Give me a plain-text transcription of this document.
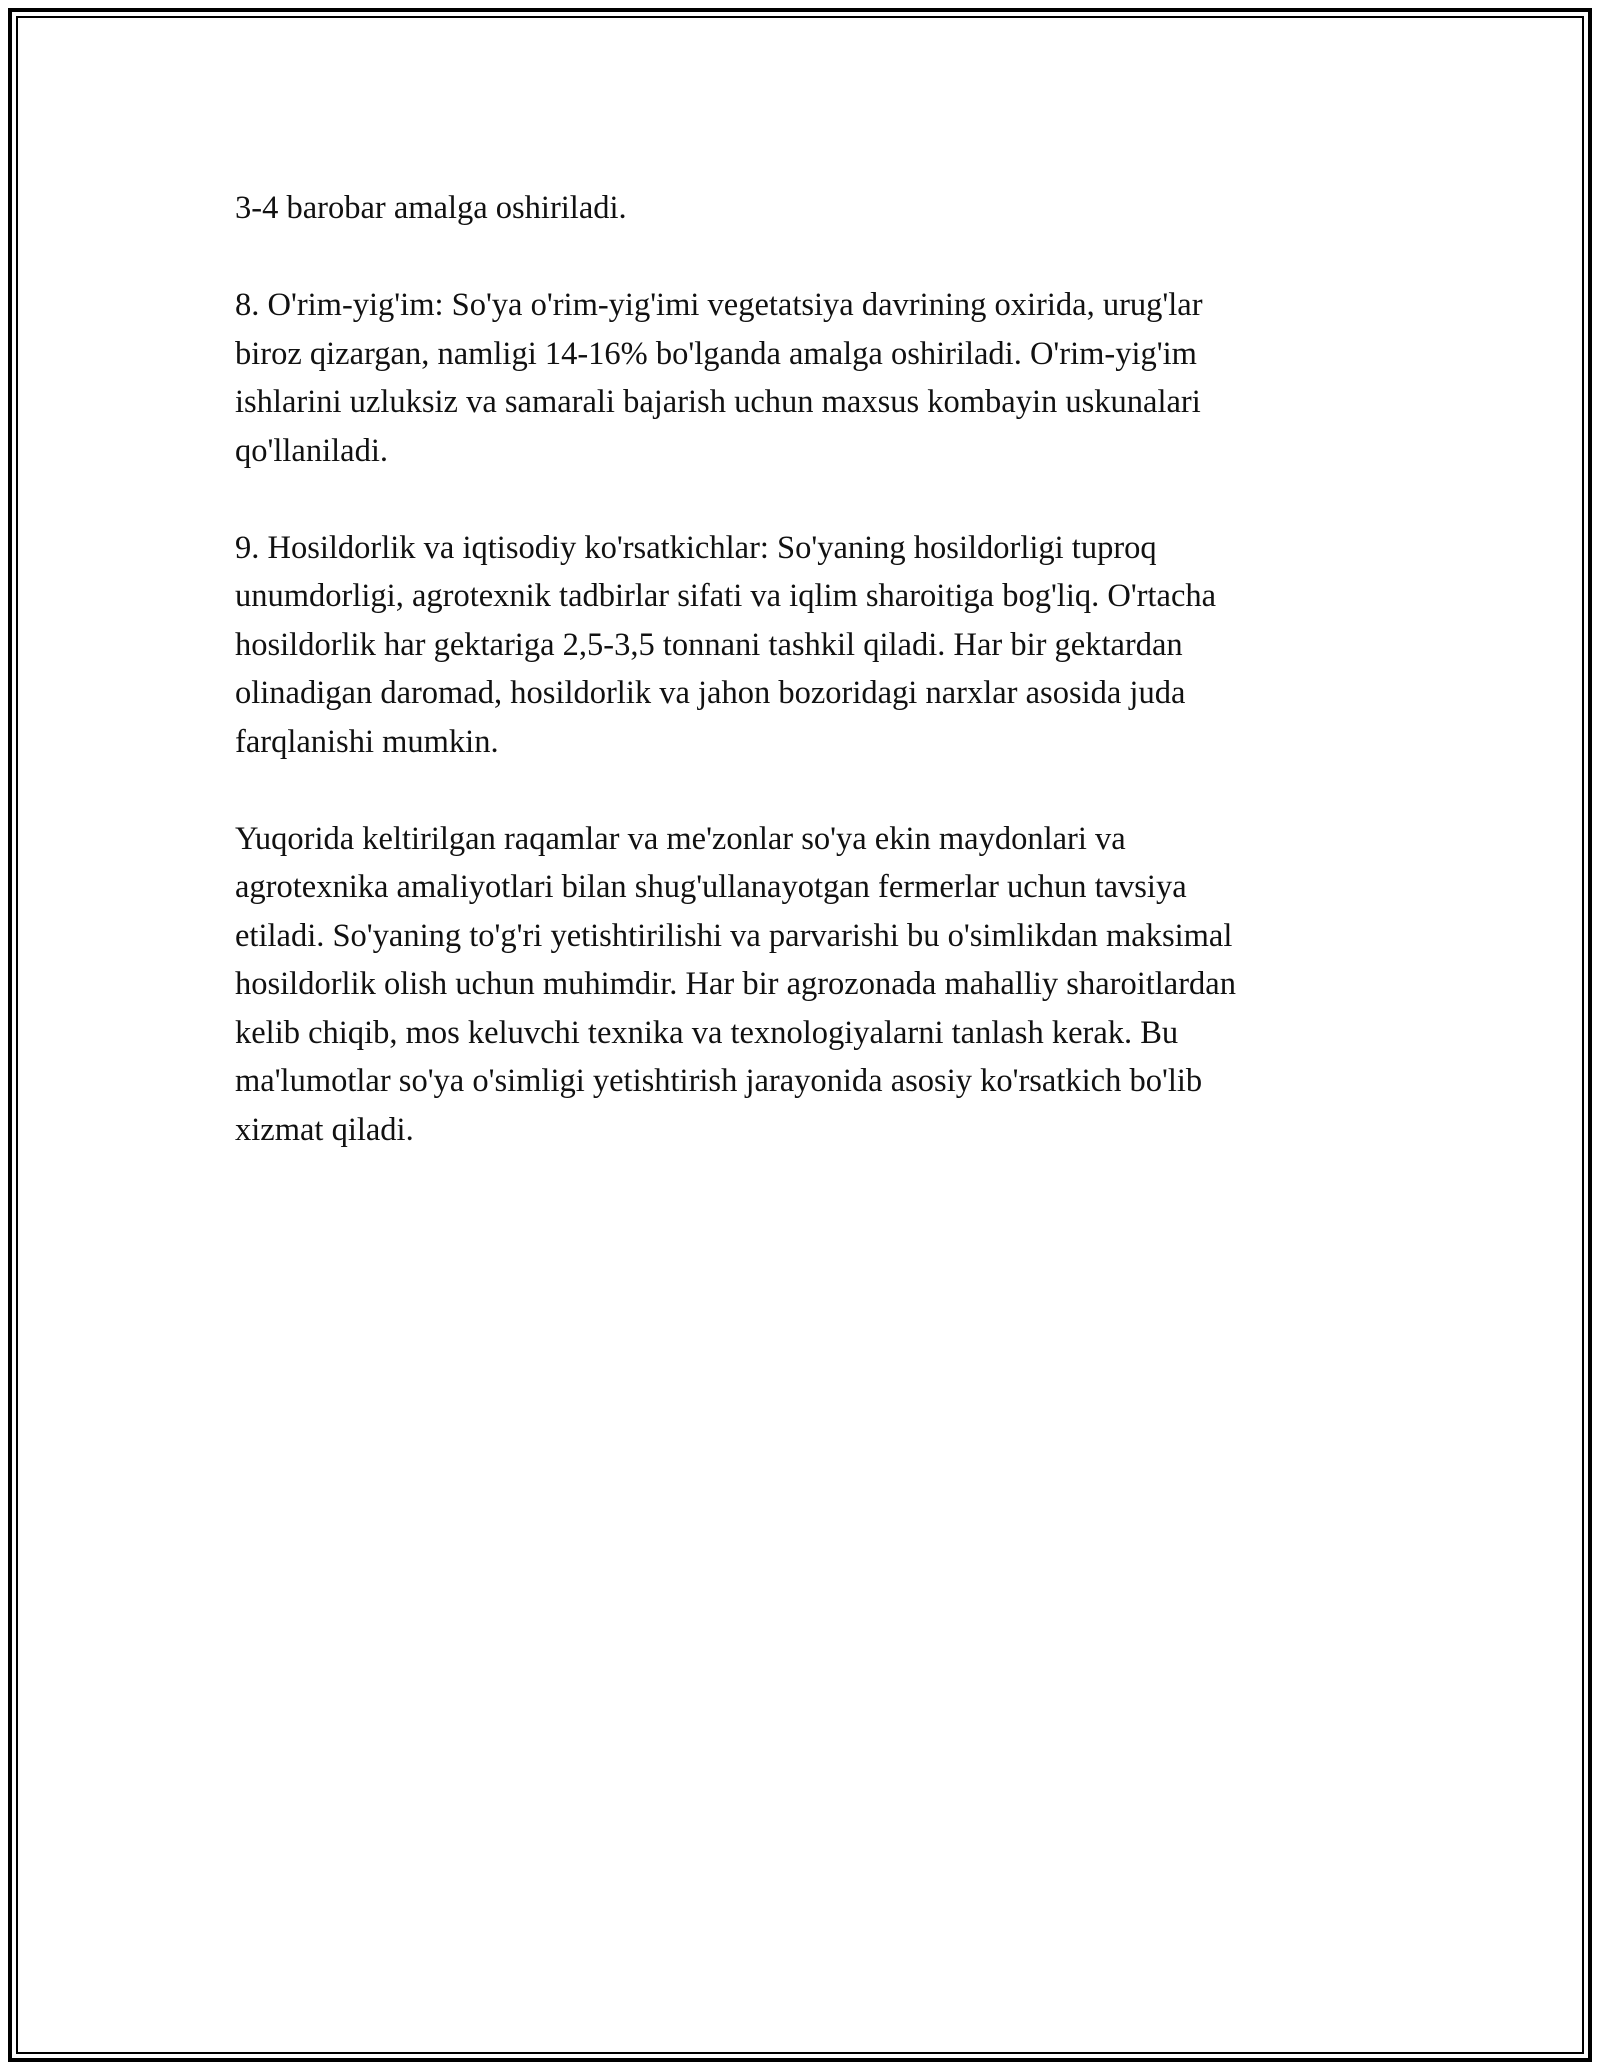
3-4 barobar amalga oshiriladi.

8. O'rim-yig'im: So'ya o'rim-yig'imi vegetatsiya davrining oxirida, urug'lar
biroz qizargan, namligi 14-16% bo'lganda amalga oshiriladi. O'rim-yig'im
ishlarini uzluksiz va samarali bajarish uchun maxsus kombayin uskunalari
qo'llaniladi.

9. Hosildorlik va iqtisodiy ko'rsatkichlar: So'yaning hosildorligi tuproq
unumdorligi, agrotexnik tadbirlar sifati va iqlim sharoitiga bog'liq. O'rtacha
hosildorlik har gektariga 2,5-3,5 tonnani tashkil qiladi. Har bir gektardan
olinadigan daromad, hosildorlik va jahon bozoridagi narxlar asosida juda
farqlanishi mumkin.

Yuqorida keltirilgan raqamlar va me'zonlar so'ya ekin maydonlari va
agrotexnika amaliyotlari bilan shug'ullanayotgan fermerlar uchun tavsiya
etiladi. So'yaning to'g'ri yetishtirilishi va parvarishi bu o'simlikdan maksimal
hosildorlik olish uchun muhimdir. Har bir agrozonada mahalliy sharoitlardan
kelib chiqib, mos keluvchi texnika va texnologiyalarni tanlash kerak. Bu
ma'lumotlar so'ya o'simligi yetishtirish jarayonida asosiy ko'rsatkich bo'lib
xizmat qiladi.
